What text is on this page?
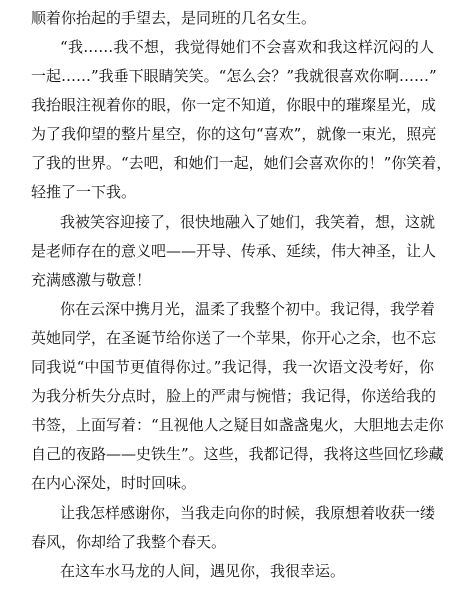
顺着你抬起的手望去，是同班的几名女生。
“我……我不想，我觉得她们不会喜欢和我这样沉闷的人
一起……”我垂下眼睛笑笑。“怎么会？”我就很喜欢你啊……”
我抬眼注视着你的眼，你一定不知道，你眼中的璀璨星光，成
为了我仰望的整片星空，你的这句“喜欢”，就像一束光，照亮
了我的世界。“去吧，和她们一起，她们会喜欢你的！”你笑着，
轻推了一下我。
我被笑容迎接了，很快地融入了她们，我笑着，想，这就
是老师存在的意义吧——开导、传承、延续，伟大神圣，让人
充满感激与敬意！
你在云深中携月光，温柔了我整个初中。我记得，我学着
英她同学，在圣诞节给你送了一个苹果，你开心之余，也不忘
同我说“中国节更值得你过。”我记得，我一次语文没考好，你
为我分析失分点时，脸上的严肃与惋惜；我记得，你送给我的
书签，上面写着：“且视他人之疑目如盏盏鬼火，大胆地去走你
自己的夜路——史铁生”。这些，我都记得，我将这些回忆珍藏
在内心深处，时时回味。
让我怎样感谢你，当我走向你的时候，我原想着收获一缕
春风，你却给了我整个春天。
在这车水马龙的人间，遇见你，我很幸运。
